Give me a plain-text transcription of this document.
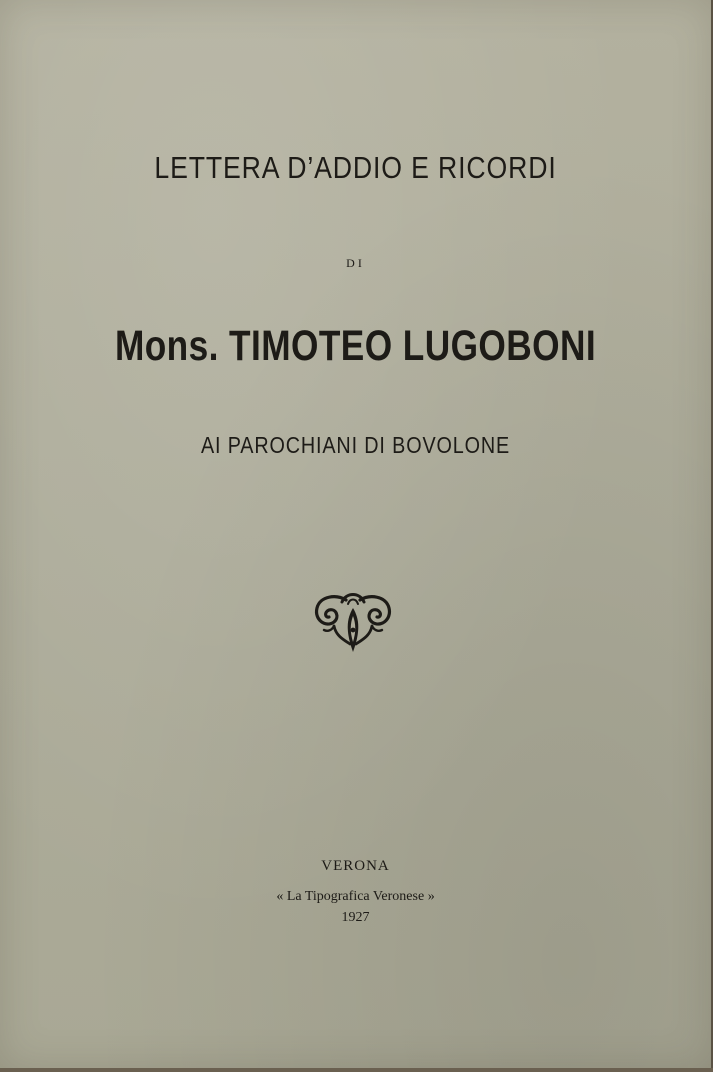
LETTERA D’ADDIO E RICORDI
DI
Mons. TIMOTEO LUGOBONI
AI PAROCHIANI DI BOVOLONE
VERONA
« La Tipografica Veronese »
1927
